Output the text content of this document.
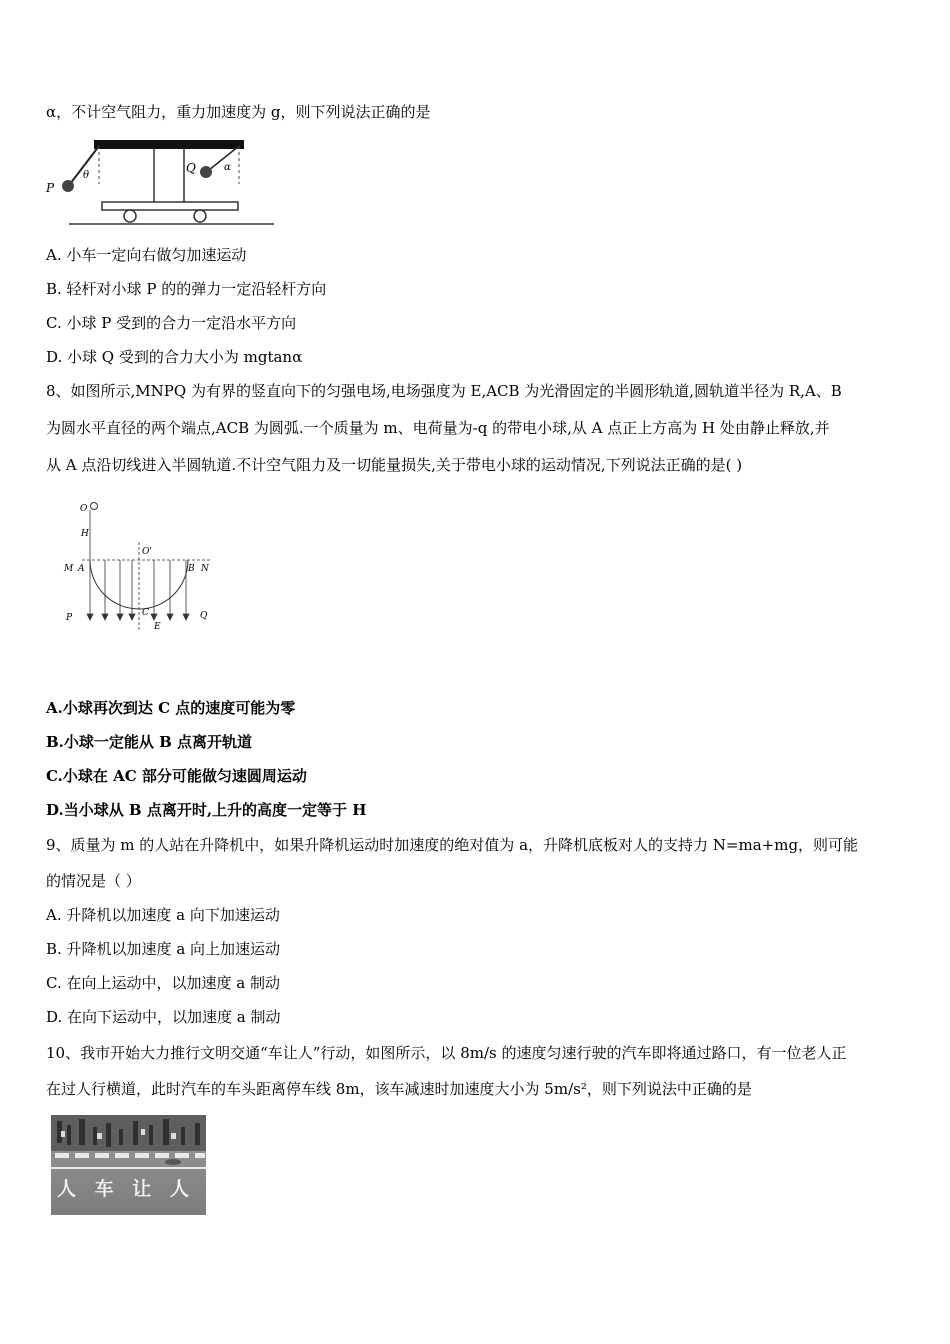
α，不计空气阻力，重力加速度为 g，则下列说法正确的是
P
Q
θ
α
A. 小车一定向右做匀加速运动
B. 轻杆对小球 P 的的弹力一定沿轻杆方向
C. 小球 P 受到的合力一定沿水平方向
D. 小球 Q 受到的合力大小为 mgtanα
8、如图所示,MNPQ 为有界的竖直向下的匀强电场,电场强度为 E,ACB 为光滑固定的半圆形轨道,圆轨道半径为 R,A、B
为圆水平直径的两个端点,ACB 为圆弧.一个质量为 m、电荷量为-q 的带电小球,从 A 点正上方高为 H 处由静止释放,并
从 A 点沿切线进入半圆轨道.不计空气阻力及一切能量损失,关于带电小球的运动情况,下列说法正确的是( )
O
H
M A	B N
O'
P	Q
C
E
A.小球再次到达 C 点的速度可能为零
B.小球一定能从 B 点离开轨道
C.小球在 AC 部分可能做匀速圆周运动
D.当小球从 B 点离开时,上升的高度一定等于 H
9、质量为 m 的人站在升降机中，如果升降机运动时加速度的绝对值为 a，升降机底板对人的支持力 N=ma+mg，则可能
的情况是（ ）
A. 升降机以加速度 a 向下加速运动
B. 升降机以加速度 a 向上加速运动
C. 在向上运动中，以加速度 a 制动
D. 在向下运动中，以加速度 a 制动
10、我市开始大力推行文明交通“车让人”行动，如图所示，以 8m/s 的速度匀速行驶的汽车即将通过路口，有一位老人正
在过人行横道，此时汽车的车头距离停车线 8m，该车减速时加速度大小为 5m/s²，则下列说法中正确的是
人 车 让 人
